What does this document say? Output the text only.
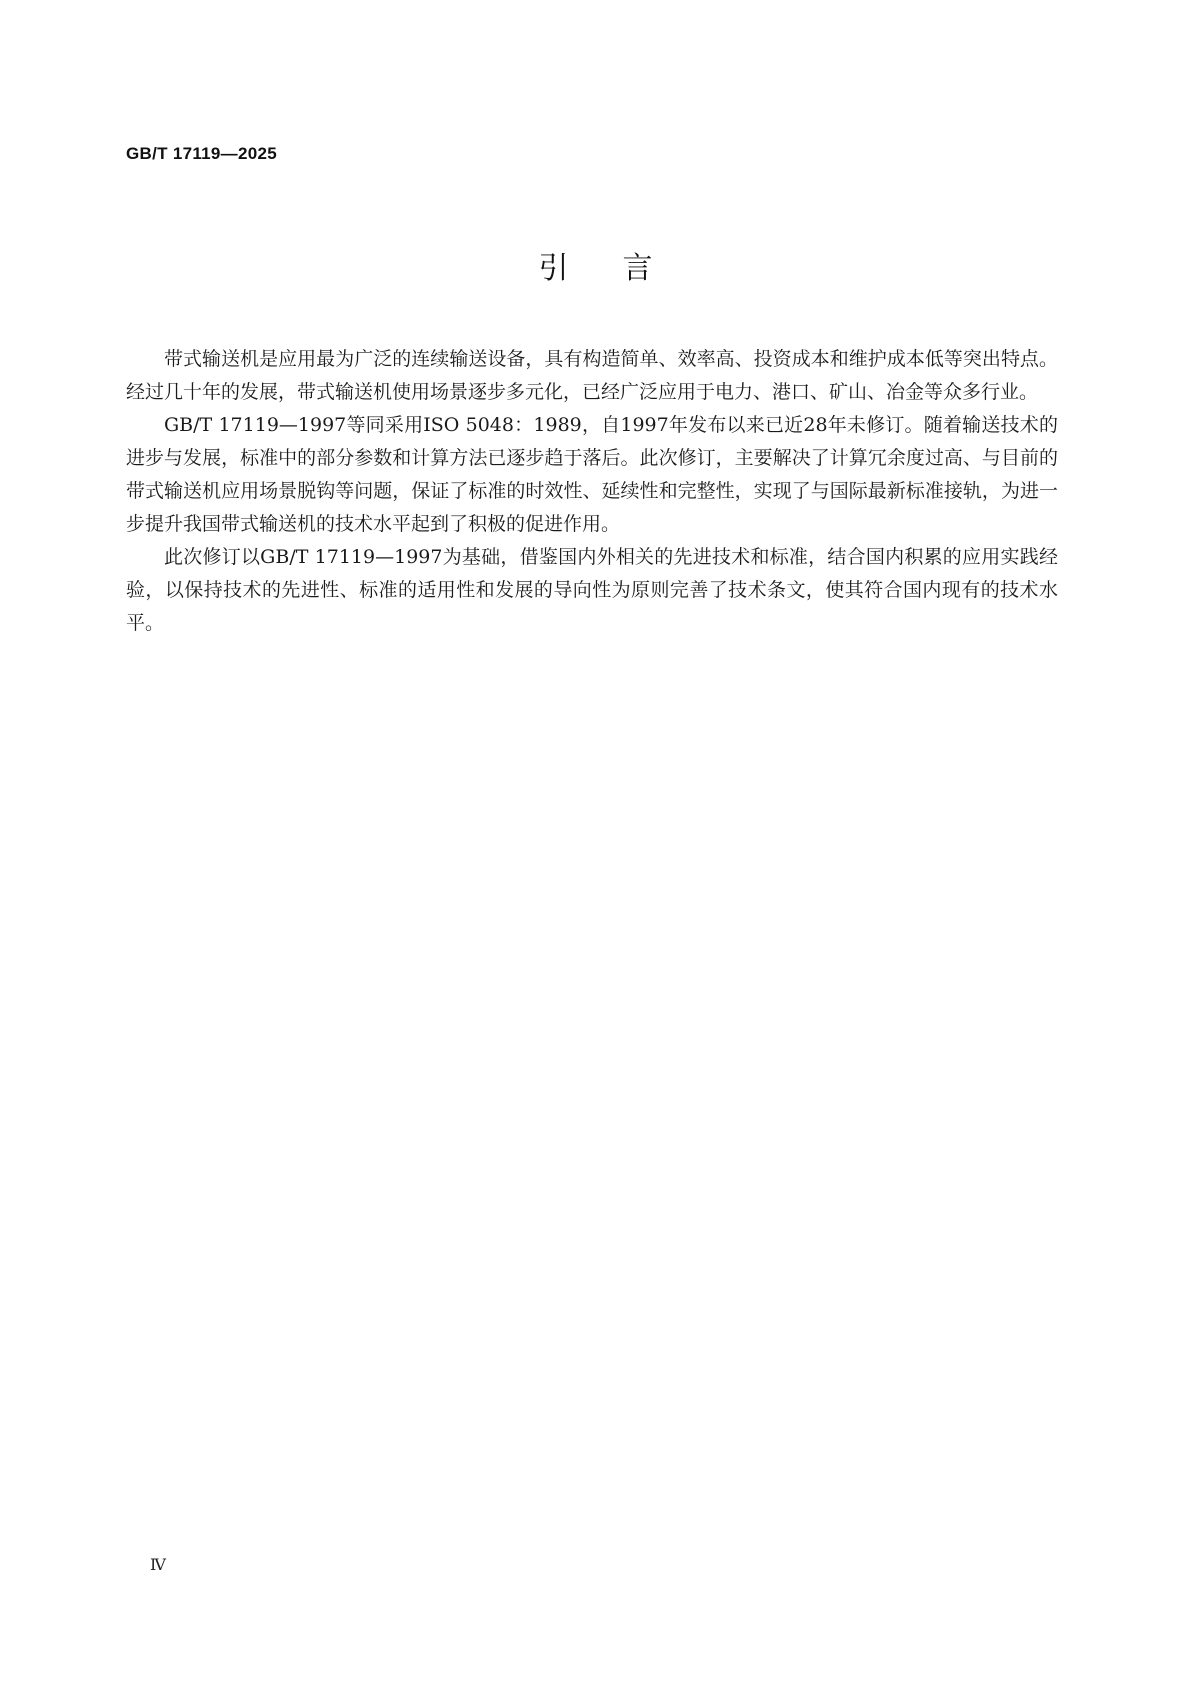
GB/T 17119—2025
引言

带式输送机是应用最为广泛的连续输送设备，具有构造简单、效率高、投资成本和维护成本低等突出特点。经过几十年的发展，带式输送机使用场景逐步多元化，已经广泛应用于电力、港口、矿山、冶金等众多行业。

GB/T 17119—1997等同采用ISO 5048：1989，自1997年发布以来已近28年未修订。随着输送技术的进步与发展，标准中的部分参数和计算方法已逐步趋于落后。此次修订，主要解决了计算冗余度过高、与目前的带式输送机应用场景脱钩等问题，保证了标准的时效性、延续性和完整性，实现了与国际最新标准接轨，为进一步提升我国带式输送机的技术水平起到了积极的促进作用。

此次修订以GB/T 17119—1997为基础，借鉴国内外相关的先进技术和标准，结合国内积累的应用实践经验，以保持技术的先进性、标准的适用性和发展的导向性为原则完善了技术条文，使其符合国内现有的技术水平。

Ⅳ
